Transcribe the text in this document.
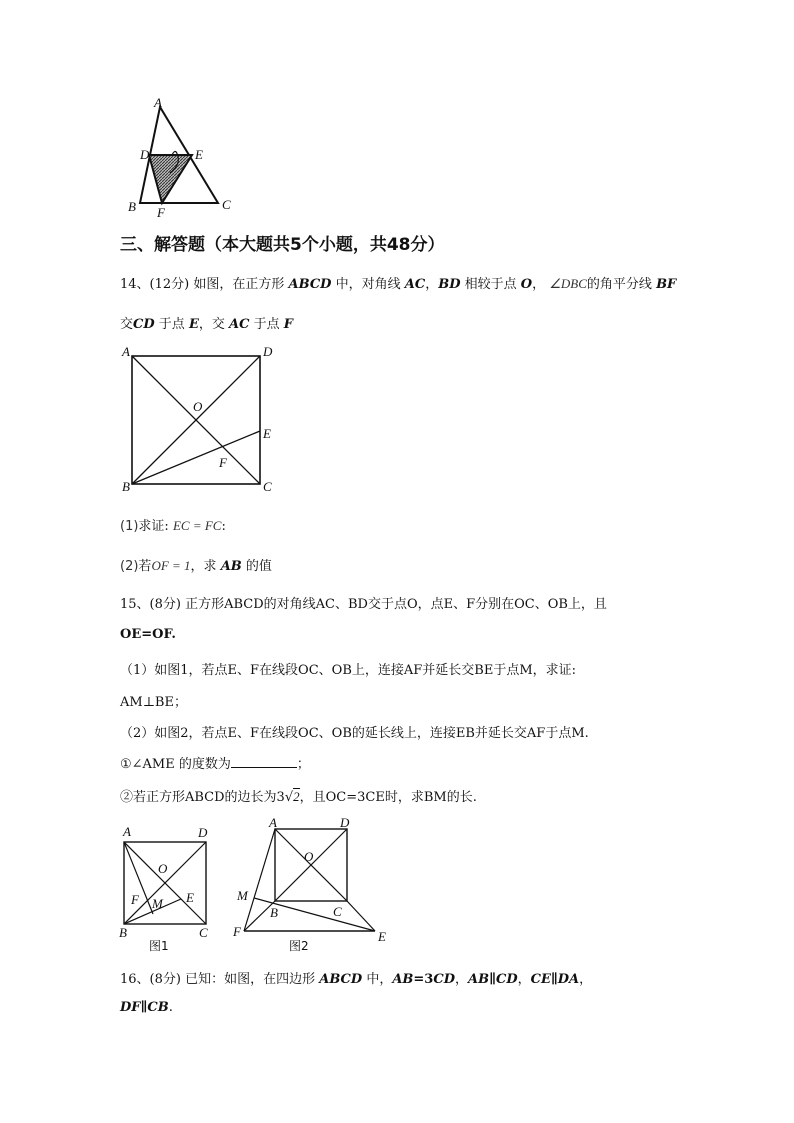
A
D	E
B F
C
三、解答题（本大题共5个小题，共48分）
14、(12分) 如图，在正方形 ABCD 中，对角线 AC，BD 相较于点 O， ∠DBC的角平分线 BF
交CD 于点 E，交 AC 于点 F
A	D
O
E
F
B	C
(1)求证: EC = FC:
(2)若OF = 1，求 AB 的值
15、(8分) 正方形ABCD的对角线AC、BD交于点O，点E、F分别在OC、OB上，且
OE=OF.
（1）如图1，若点E、F在线段OC、OB上，连接AF并延长交BE于点M，求证:
AM⊥BE；
（2）如图2，若点E、F在线段OC、OB的延长线上，连接EB并延长交AF于点M.
①∠AME 的度数为	；
②若正方形ABCD的边长为3√2，且OC=3CE时，求BM的长.
A	D
O
F M E
B	C
图1
A	D
O
M
B	C
F	E
图2
16、(8分) 已知：如图，在四边形 ABCD 中，AB=3CD，AB∥CD，CE∥DA，
DF∥CB.
